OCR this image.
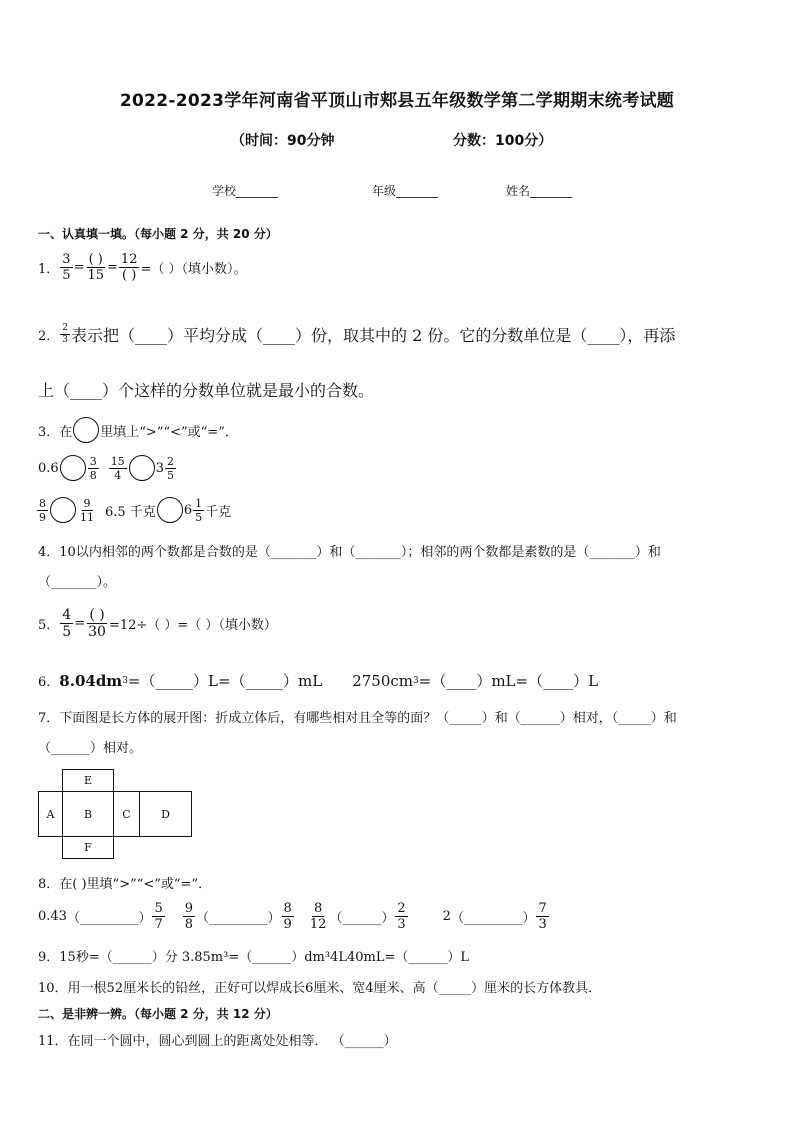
2022-2023学年河南省平顶山市郏县五年级数学第二学期期末统考试题
（时间：90分钟	分数：100分）
学校_______	年级_______	姓名_______
一、认真填一填。（每小题 2 分，共 20 分）
1． $\frac{3}{5} = \frac{( )}{15} = \frac{12}{( )}$ =（ ）（填小数）。
2． $\frac{2}{3}$ 表示把（____）平均分成（____）份，取其中的 2 份。它的分数单位是（____），再添
上（____）个这样的分数单位就是最小的合数。
3．在 里填上“>”“<”或“=”．
0.6	$\frac{3}{8} \frac{15}{4} 3 \frac{2}{5}$
$\frac{8}{9}$	$\frac{9}{11} 6.5$ 千克 $6 \frac{1}{5}$ 千克
4．10以内相邻的两个数都是合数的是（_______）和（_______）；相邻的两个数都是素数的是（_______）和
（_______）。
5． $\frac{4}{5} = \frac{( )}{30} =12\div$（ ）=（ ）（填小数）
6． 8.04dm 3 =（_____）L=（_____）mL 2750cm 3 =（____）mL=（____）L
7．下面图是长方体的展开图：折成立体后，有哪些相对且全等的面？（_____）和（______）相对，（_____）和
（______）相对。
E
A	B	C	D
F
8．在( )里填“>”“<”或“=”．
0.43 （_________） $\frac{5}{7} \frac{9}{8}$ （_________） $\frac{8}{9} \frac{8}{12}$ （______） $\frac{2}{3}$	2 （_________） $\frac{7}{3}$
9．15秒=（______）分 3.85m³=（______）dm³4L40mL=（______）L
10．用一根52厘米长的铅丝，正好可以焊成长6厘米、宽4厘米、高（_____）厘米的长方体教具．
二、是非辨一辨。（每小题 2 分，共 12 分）
11．在同一个圆中，圆心到圆上的距离处处相等． （______）
